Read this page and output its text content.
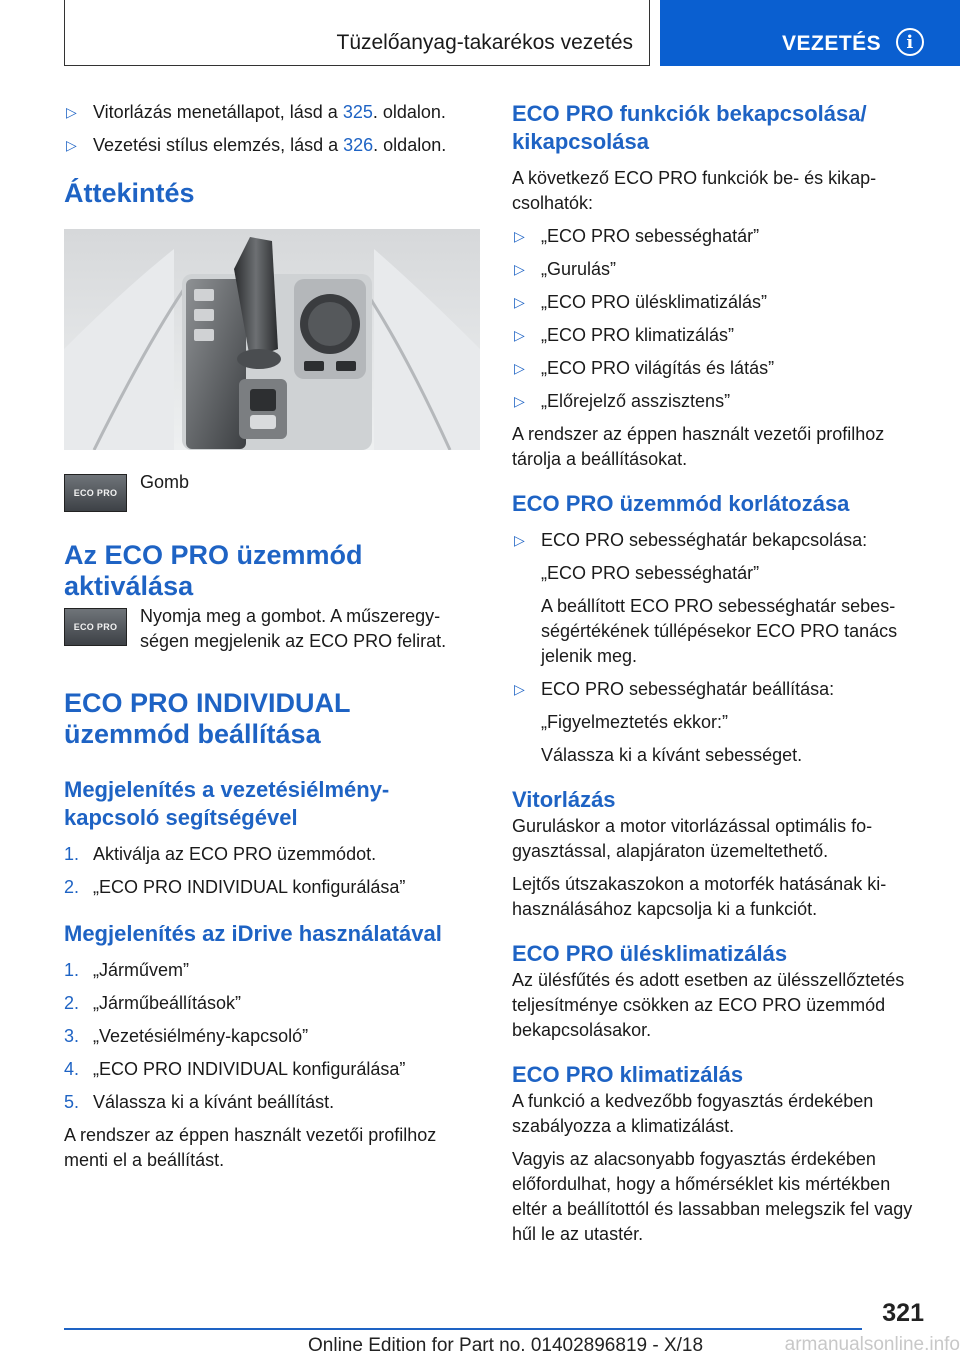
Tüzelőanyag-takarékos vezetés	VEZETÉS	i
▷ Vitorlázás menetállapot, lásd a 325. oldalon.
▷ Vezetési stílus elemzés, lásd a 326. oldalon.
Áttekintés
ECO PRO

Gomb

Az ECO PRO üzemmód aktiválása
ECO PRO

Nyomja meg a gombot. A műszeregy-ségen megjelenik az ECO PRO felirat.

ECO PRO INDIVIDUAL üzemmód beállítása
Megjelenítés a vezetésiélmény-kapcsoló segítségével
1. Aktiválja az ECO PRO üzemmódot.
2. „ECO PRO INDIVIDUAL konfigurálása”
Megjelenítés az iDrive használatával
1. „Járművem”
2. „Járműbeállítások”
3. „Vezetésiélmény-kapcsoló”
4. „ECO PRO INDIVIDUAL konfigurálása”
5. Válassza ki a kívánt beállítást.

A rendszer az éppen használt vezetői profilhoz menti el a beállítást.

ECO PRO funkciók bekapcsolása/ kikapcsolása

A következő ECO PRO funkciók be- és kikap-csolhatók:

▷ „ECO PRO sebességhatár”
▷ „Gurulás”
▷ „ECO PRO ülésklimatizálás”
▷ „ECO PRO klimatizálás”
▷ „ECO PRO világítás és látás”
▷ „Előrejelző asszisztens”

A rendszer az éppen használt vezetői profilhoz tárolja a beállításokat.

ECO PRO üzemmód korlátozása
▷ ECO PRO sebességhatár bekapcsolása:

„ECO PRO sebességhatár”

A beállított ECO PRO sebességhatár sebes-ségértékének túllépésekor ECO PRO tanács jelenik meg.

▷ ECO PRO sebességhatár beállítása:

„Figyelmeztetés ekkor:”

Válassza ki a kívánt sebességet.

Vitorlázás

Guruláskor a motor vitorlázással optimális fo-gyasztással, alapjáraton üzemeltethető.

Lejtős útszakaszokon a motorfék hatásának ki-használásához kapcsolja ki a funkciót.

ECO PRO ülésklimatizálás

Az ülésfűtés és adott esetben az ülésszellőztetés teljesítménye csökken az ECO PRO üzemmód bekapcsolásakor.

ECO PRO klimatizálás

A funkció a kedvezőbb fogyasztás érdekében szabályozza a klimatizálást.

Vagyis az alacsonyabb fogyasztás érdekében előfordulhat, hogy a hőmérséklet kis mértékben eltér a beállítottól és lassabban melegszik fel vagy hűl le az utastér.

321
Online Edition for Part no. 01402896819 - X/18	armanualsonline.info
